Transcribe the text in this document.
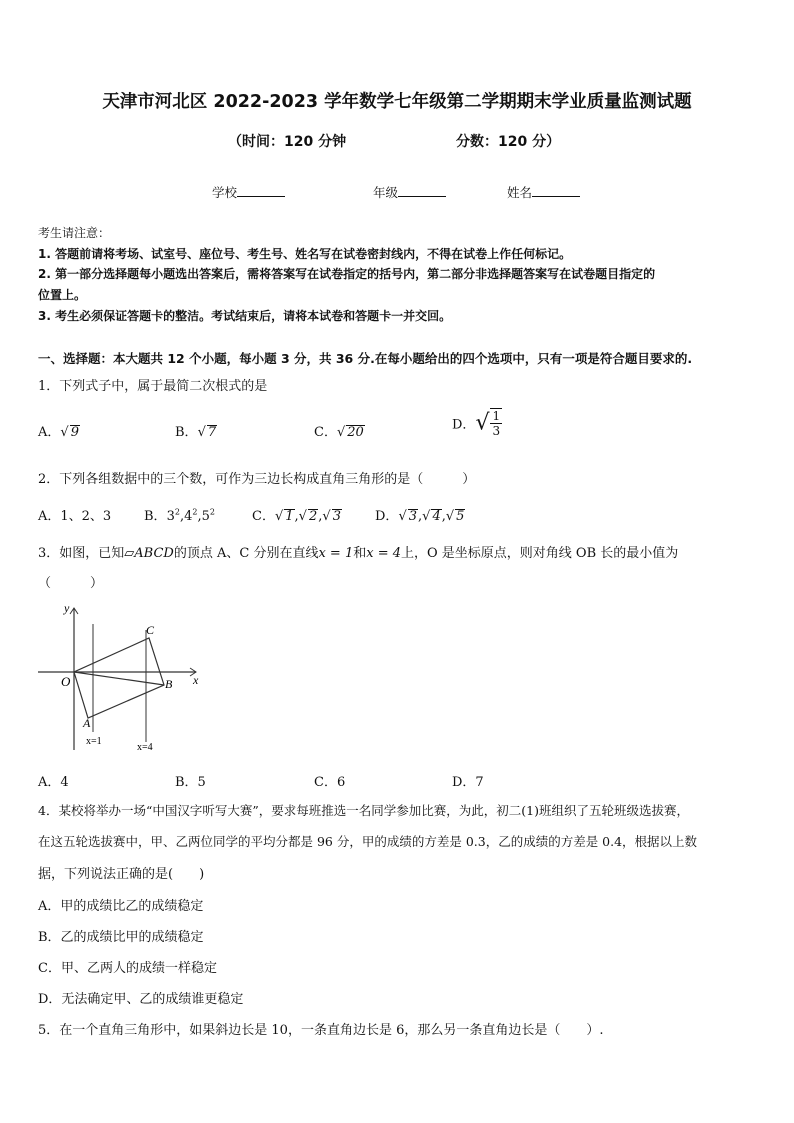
天津市河北区 2022-2023 学年数学七年级第二学期期末学业质量监测试题
（时间：120 分钟	分数：120 分）
学校	年级	姓名
考生请注意：
1. 答题前请将考场、试室号、座位号、考生号、姓名写在试卷密封线内，不得在试卷上作任何标记。
2. 第一部分选择题每小题选出答案后，需将答案写在试卷指定的括号内，第二部分非选择题答案写在试卷题目指定的
位置上。
3. 考生必须保证答题卡的整洁。考试结束后，请将本试卷和答题卡一并交回。
一、选择题：本大题共 12 个小题，每小题 3 分，共 36 分.在每小题给出的四个选项中，只有一项是符合题目要求的.
1．下列式子中，属于最简二次根式的是
A．√ 9	B．√ 7	C．√ 20	D．√ $\frac{1}{3}$
2．下列各组数据中的三个数，可作为三边长构成直角三角形的是（　　　）
A．1、2、3	B．$3^2,4^2,5^2$	C．√ 1,√ 2,√ 3	D．√ 3,√ 4,√ 5
3．如图，已知▱ABCD的顶点 A、C 分别在直线x = 1和x = 4上，O 是坐标原点，则对角线 OB 长的最小值为
（　　　）
y
x
O
A
B
C
x=1
x=4
A．4	B．5	C．6	D．7
4．某校将举办一场“中国汉字听写大赛”，要求每班推选一名同学参加比赛，为此，初二(1)班组织了五轮班级选拔赛，
在这五轮选拔赛中，甲、乙两位同学的平均分都是 96 分，甲的成绩的方差是 0.3，乙的成绩的方差是 0.4，根据以上数
据，下列说法正确的是(　　)
A．甲的成绩比乙的成绩稳定
B．乙的成绩比甲的成绩稳定
C．甲、乙两人的成绩一样稳定
D．无法确定甲、乙的成绩谁更稳定
5．在一个直角三角形中，如果斜边长是 10，一条直角边长是 6，那么另一条直角边长是（　　）.
